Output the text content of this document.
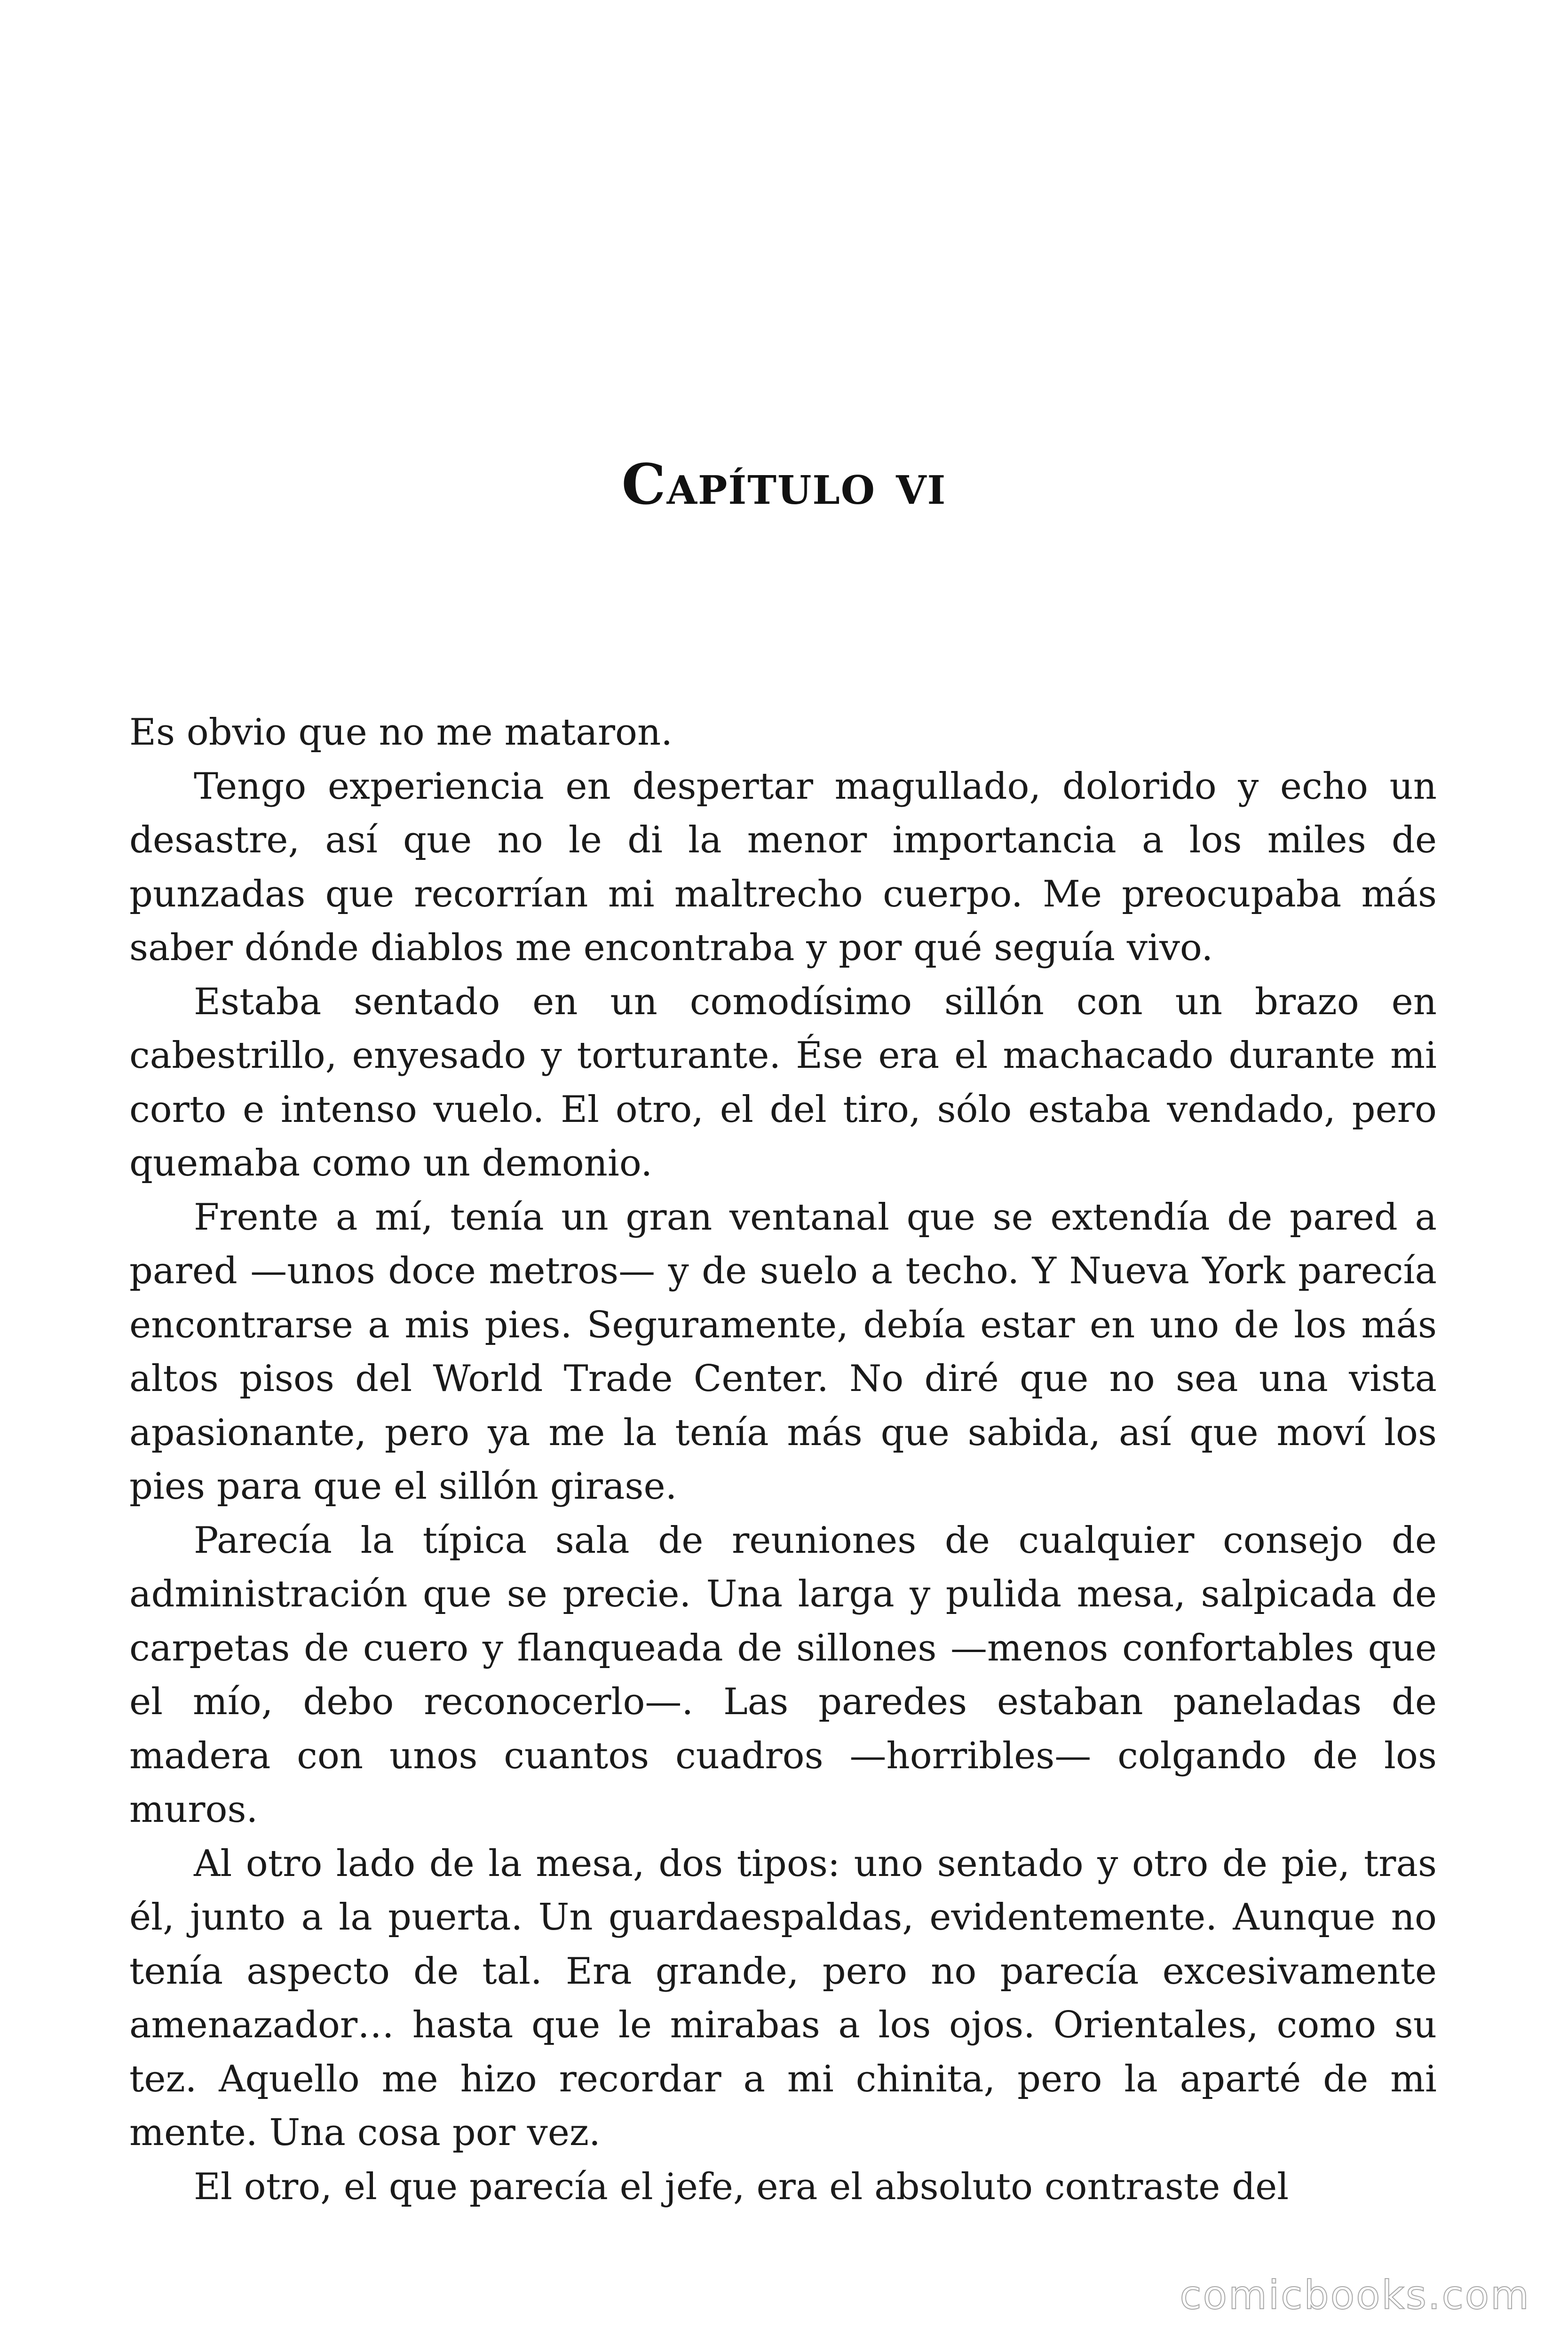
Capítulo vi

Es obvio que no me mataron.

Tengo experiencia en despertar magullado, dolorido y echo un desastre, así que no le di la menor importancia a los miles de punzadas que recorrían mi maltrecho cuerpo. Me preocupaba más saber dónde diablos me encontraba y por qué seguía vivo.

Estaba sentado en un comodísimo sillón con un brazo en cabestrillo, enyesado y torturante. Ése era el machacado durante mi corto e intenso vuelo. El otro, el del tiro, sólo estaba vendado, pero quemaba como un demonio.

Frente a mí, tenía un gran ventanal que se extendía de pared a pared —unos doce metros— y de suelo a techo. Y Nueva York parecía encontrarse a mis pies. Seguramente, debía estar en uno de los más altos pisos del World Trade Center. No diré que no sea una vista apasionante, pero ya me la tenía más que sabida, así que moví los pies para que el sillón girase.

Parecía la típica sala de reuniones de cualquier consejo de administración que se precie. Una larga y pulida mesa, salpicada de carpetas de cuero y flanqueada de sillones —menos confortables que el mío, debo reconocerlo—. Las paredes estaban paneladas de madera con unos cuantos cuadros —horribles— colgando de los muros.

Al otro lado de la mesa, dos tipos: uno sentado y otro de pie, tras él, junto a la puerta. Un guardaespaldas, evidentemente. Aunque no tenía aspecto de tal. Era grande, pero no parecía excesivamente amenazador… hasta que le mirabas a los ojos. Orientales, como su tez. Aquello me hizo recordar a mi chinita, pero la aparté de mi mente. Una cosa por vez.

El otro, el que parecía el jefe, era el absoluto contraste del

comicbooks.com
